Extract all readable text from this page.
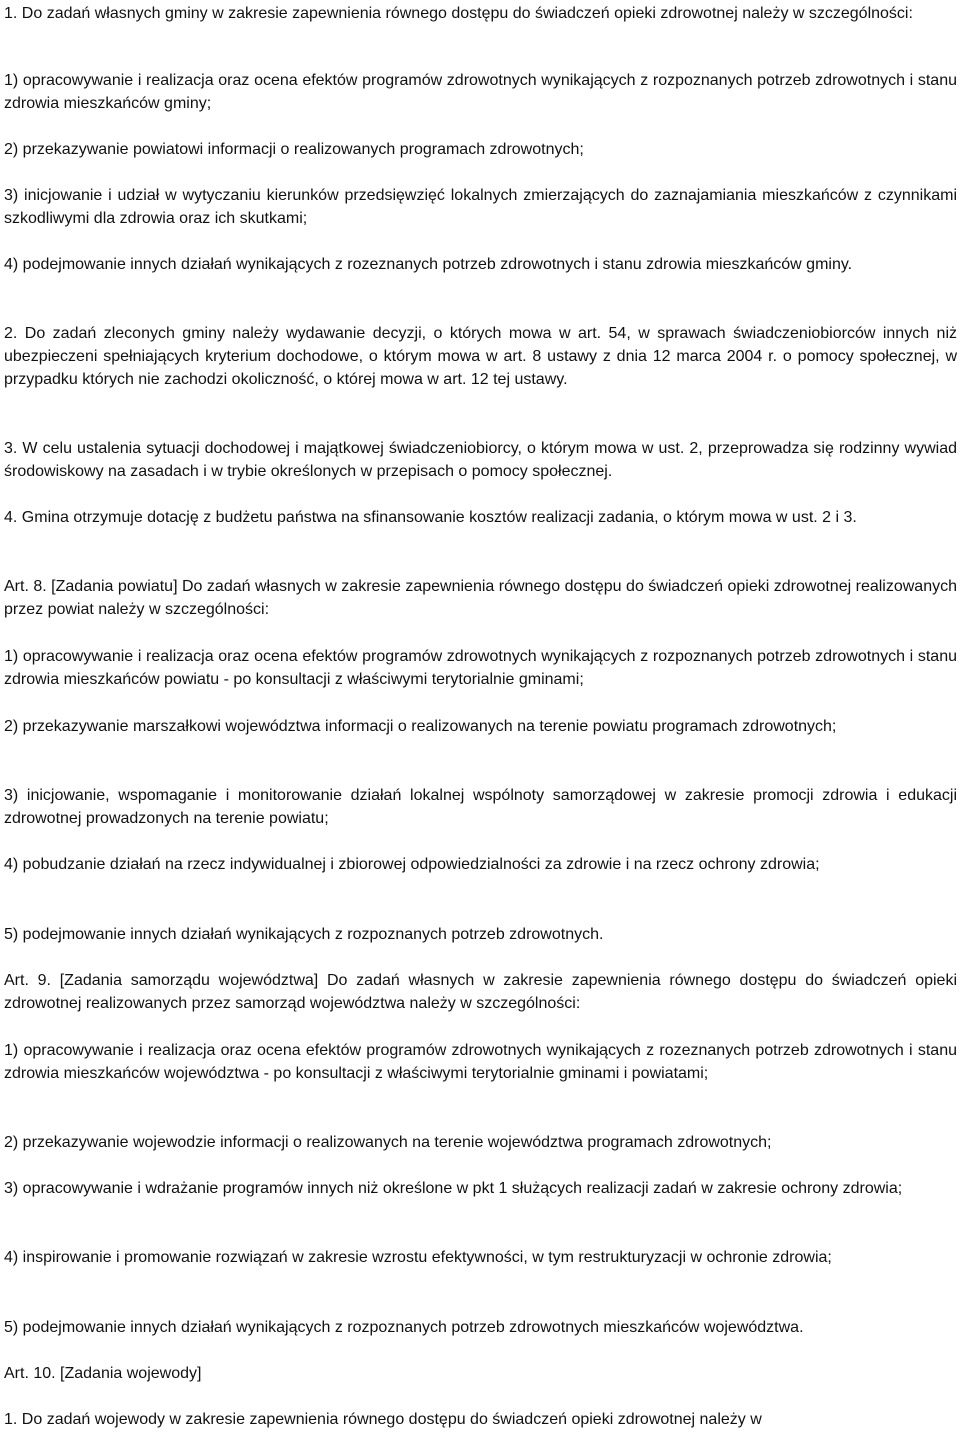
1. Do zadań własnych gminy w zakresie zapewnienia równego dostępu do świadczeń opieki zdrowotnej należy w szczególności:

1) opracowywanie i realizacja oraz ocena efektów programów zdrowotnych wynikających z rozpoznanych potrzeb zdrowotnych i stanu zdrowia mieszkańców gminy;

2) przekazywanie powiatowi informacji o realizowanych programach zdrowotnych;

3) inicjowanie i udział w wytyczaniu kierunków przedsięwzięć lokalnych zmierzających do zaznajamiania mieszkańców z czynnikami szkodliwymi dla zdrowia oraz ich skutkami;

4) podejmowanie innych działań wynikających z rozeznanych potrzeb zdrowotnych i stanu zdrowia mieszkańców gminy.

2. Do zadań zleconych gminy należy wydawanie decyzji, o których mowa w art. 54, w sprawach świadczeniobiorców innych niż ubezpieczeni spełniających kryterium dochodowe, o którym mowa w art. 8 ustawy z dnia 12 marca 2004 r. o pomocy społecznej, w przypadku których nie zachodzi okoliczność, o której mowa w art. 12 tej ustawy.

3. W celu ustalenia sytuacji dochodowej i majątkowej świadczeniobiorcy, o którym mowa w ust. 2, przeprowadza się rodzinny wywiad środowiskowy na zasadach i w trybie określonych w przepisach o pomocy społecznej.

4. Gmina otrzymuje dotację z budżetu państwa na sfinansowanie kosztów realizacji zadania, o którym mowa w ust. 2 i 3.

Art. 8. [Zadania powiatu] Do zadań własnych w zakresie zapewnienia równego dostępu do świadczeń opieki zdrowotnej realizowanych przez powiat należy w szczególności:

1) opracowywanie i realizacja oraz ocena efektów programów zdrowotnych wynikających z rozpoznanych potrzeb zdrowotnych i stanu zdrowia mieszkańców powiatu - po konsultacji z właściwymi terytorialnie gminami;

2) przekazywanie marszałkowi województwa informacji o realizowanych na terenie powiatu programach zdrowotnych;

3) inicjowanie, wspomaganie i monitorowanie działań lokalnej wspólnoty samorządowej w zakresie promocji zdrowia i edukacji zdrowotnej prowadzonych na terenie powiatu;

4) pobudzanie działań na rzecz indywidualnej i zbiorowej odpowiedzialności za zdrowie i na rzecz ochrony zdrowia;

5) podejmowanie innych działań wynikających z rozpoznanych potrzeb zdrowotnych.

Art. 9. [Zadania samorządu województwa] Do zadań własnych w zakresie zapewnienia równego dostępu do świadczeń opieki zdrowotnej realizowanych przez samorząd województwa należy w szczególności:

1) opracowywanie i realizacja oraz ocena efektów programów zdrowotnych wynikających z rozeznanych potrzeb zdrowotnych i stanu zdrowia mieszkańców województwa - po konsultacji z właściwymi terytorialnie gminami i powiatami;

2) przekazywanie wojewodzie informacji o realizowanych na terenie województwa programach zdrowotnych;

3) opracowywanie i wdrażanie programów innych niż określone w pkt 1 służących realizacji zadań w zakresie ochrony zdrowia;

4) inspirowanie i promowanie rozwiązań w zakresie wzrostu efektywności, w tym restrukturyzacji w ochronie zdrowia;

5) podejmowanie innych działań wynikających z rozpoznanych potrzeb zdrowotnych mieszkańców województwa.

Art. 10. [Zadania wojewody]

1. Do zadań wojewody w zakresie zapewnienia równego dostępu do świadczeń opieki zdrowotnej należy w
